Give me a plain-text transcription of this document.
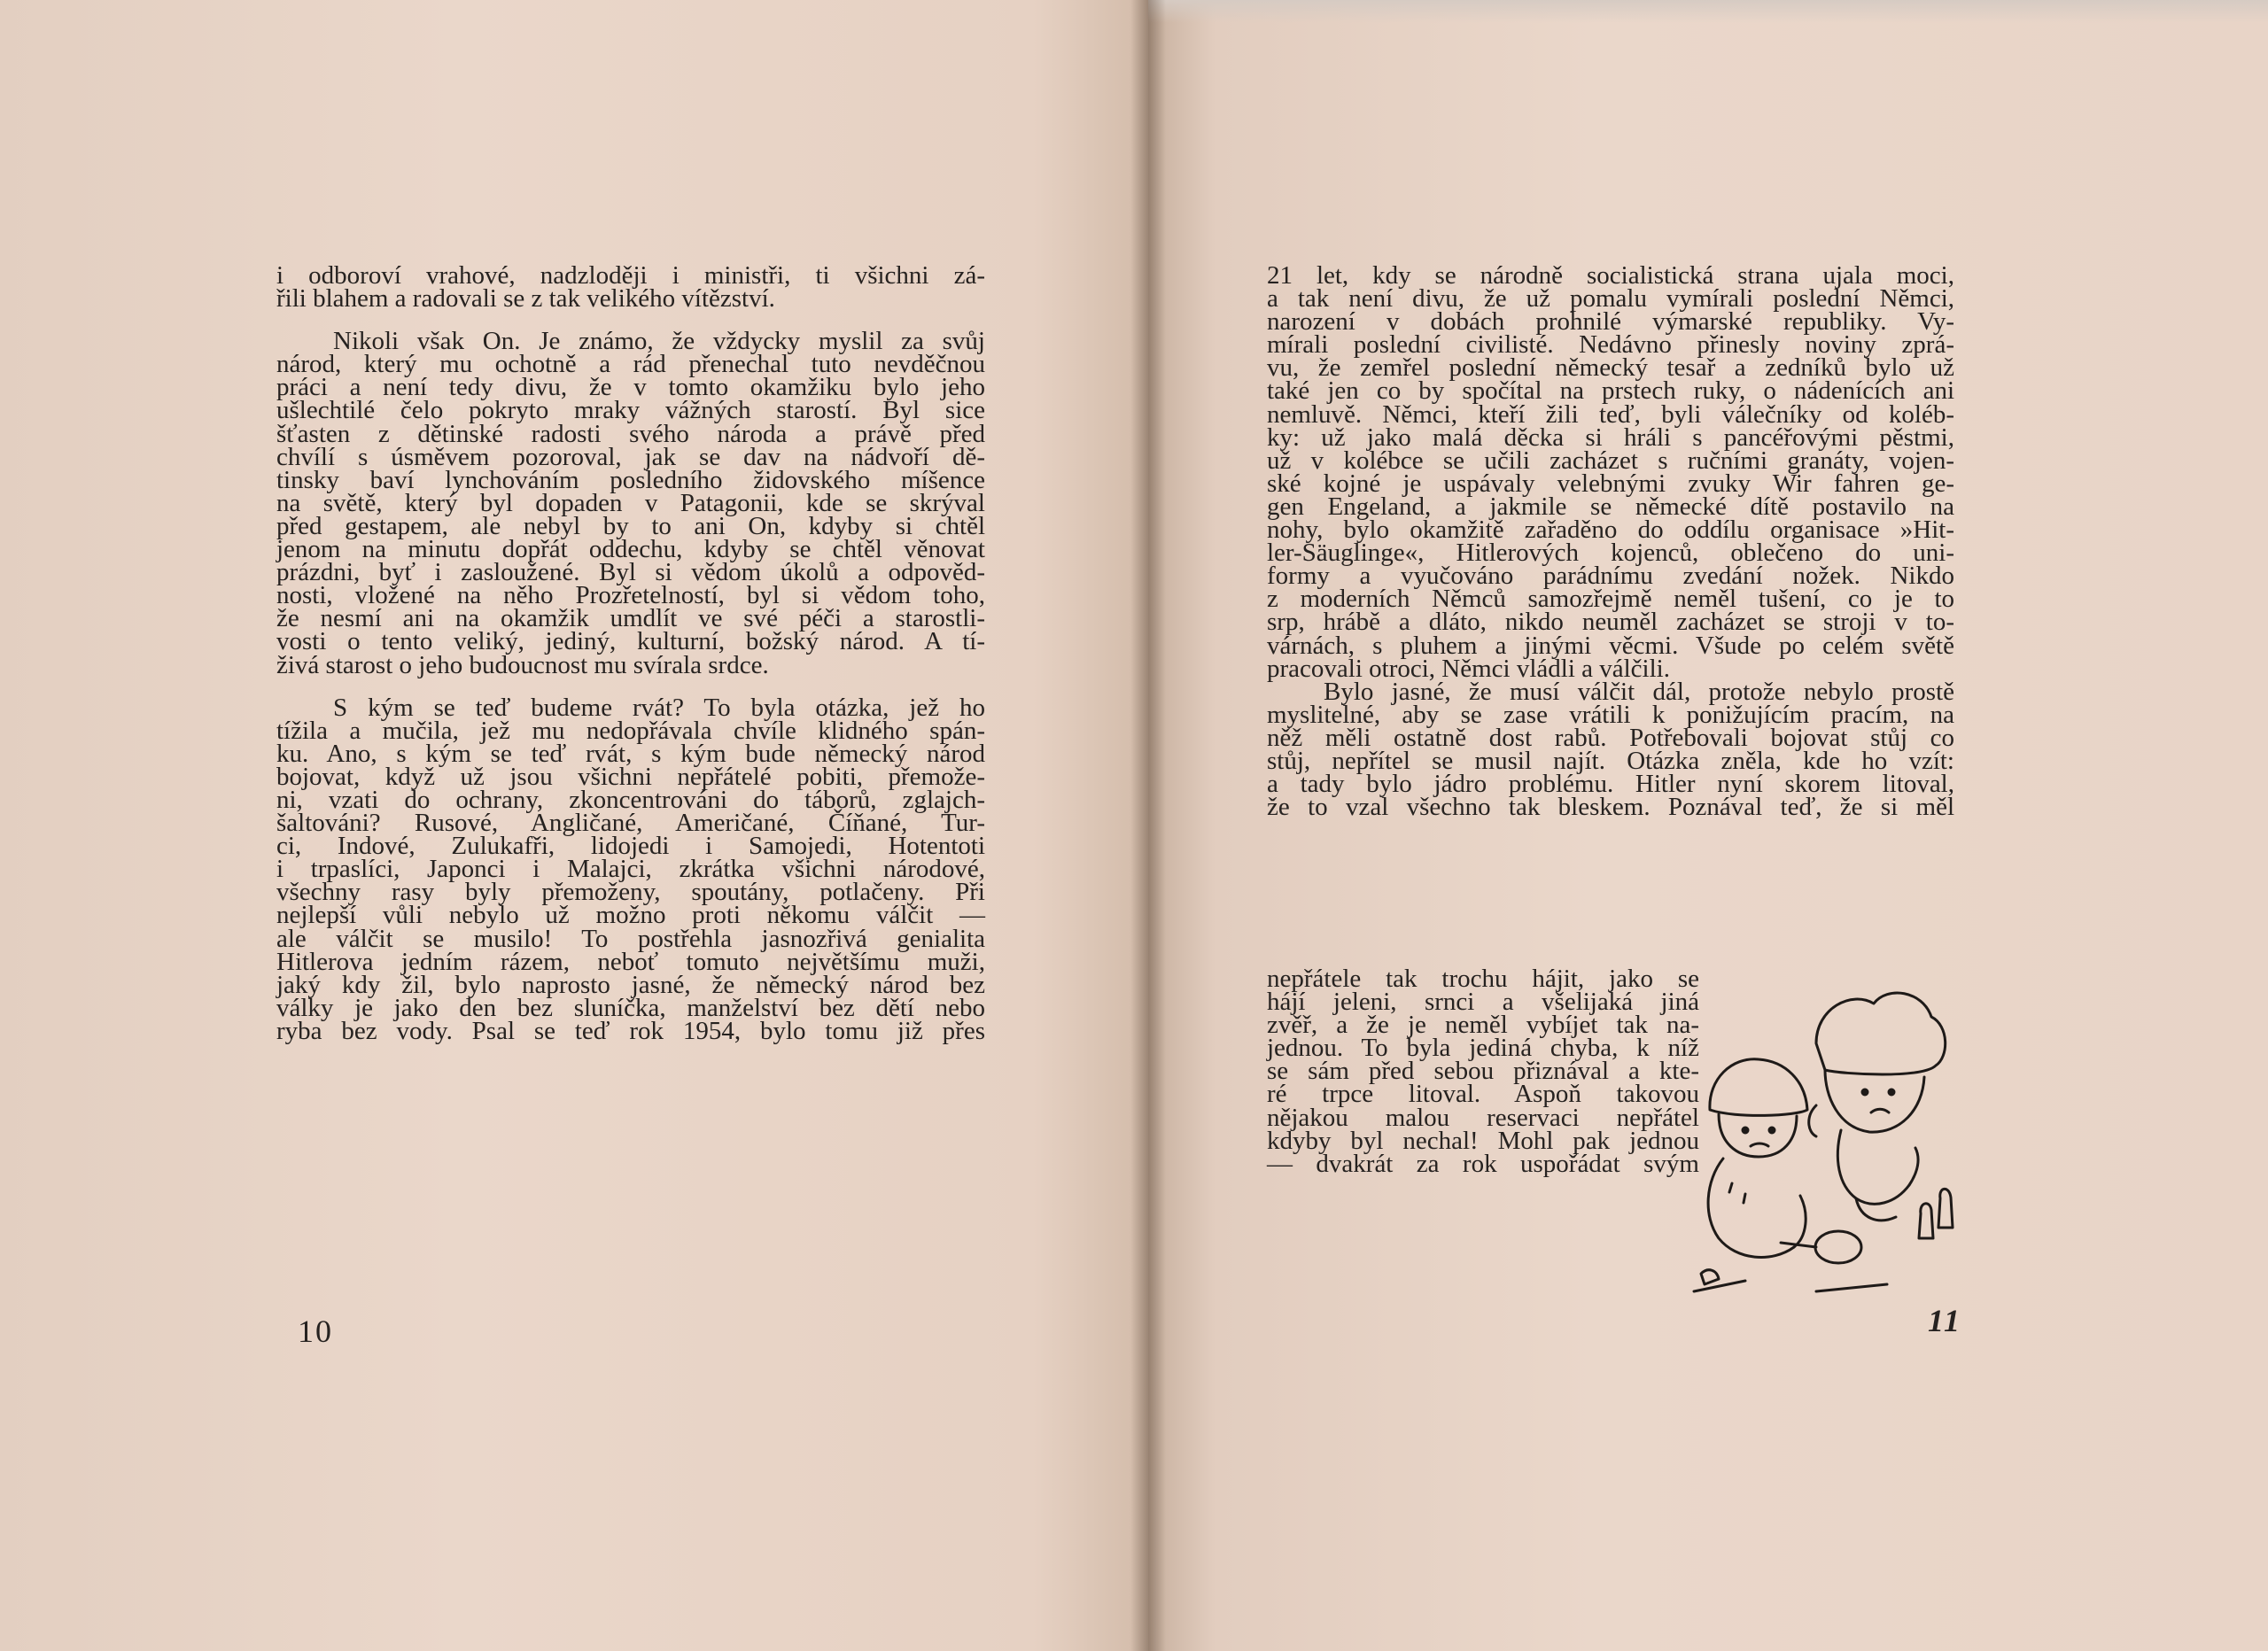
i odboroví vrahové, nadzloději i ministři, ti všichni zá-
řili blahem a radovali se z tak velikého vítězství.
Nikoli však On. Je známo, že vždycky myslil za svůj
národ, který mu ochotně a rád přenechal tuto nevděčnou
práci a není tedy divu, že v tomto okamžiku bylo jeho
ušlechtilé čelo pokryto mraky vážných starostí. Byl sice
šťasten z dětinské radosti svého národa a právě před
chvílí s úsměvem pozoroval, jak se dav na nádvoří dě-
tinsky baví lynchováním posledního židovského míšence
na světě, který byl dopaden v Patagonii, kde se skrýval
před gestapem, ale nebyl by to ani On, kdyby si chtěl
jenom na minutu dopřát oddechu, kdyby se chtěl věnovat
prázdni, byť i zasloužené. Byl si vědom úkolů a odpověd-
nosti, vložené na něho Prozřetelností, byl si vědom toho,
že nesmí ani na okamžik umdlít ve své péči a starostli-
vosti o tento veliký, jediný, kulturní, božský národ. A tí-
živá starost o jeho budoucnost mu svírala srdce.
S kým se teď budeme rvát? To byla otázka, jež ho
tížila a mučila, jež mu nedopřávala chvíle klidného spán-
ku. Ano, s kým se teď rvát, s kým bude německý národ
bojovat, když už jsou všichni nepřátelé pobiti, přemože-
ni, vzati do ochrany, zkoncentrováni do táborů, zglajch-
šaltováni? Rusové, Angličané, Američané, Číňané, Tur-
ci, Indové, Zulukafři, lidojedi i Samojedi, Hotentoti
i trpaslíci, Japonci i Malajci, zkrátka všichni národové,
všechny rasy byly přemoženy, spoutány, potlačeny. Při
nejlepší vůli nebylo už možno proti někomu válčit —
ale válčit se musilo! To postřehla jasnozřivá genialita
Hitlerova jedním rázem, neboť tomuto největšímu muži,
jaký kdy žil, bylo naprosto jasné, že německý národ bez
války je jako den bez sluníčka, manželství bez dětí nebo
ryba bez vody. Psal se teď rok 1954, bylo tomu již přes
10
21 let, kdy se národně socialistická strana ujala moci,
a tak není divu, že už pomalu vymírali poslední Němci,
narození v dobách prohnilé výmarské republiky. Vy-
mírali poslední civilisté. Nedávno přinesly noviny zprá-
vu, že zemřel poslední německý tesař a zedníků bylo už
také jen co by spočítal na prstech ruky, o nádenících ani
nemluvě. Němci, kteří žili teď, byli válečníky od koléb-
ky: už jako malá děcka si hráli s pancéřovými pěstmi,
už v kolébce se učili zacházet s ručními granáty, vojen-
ské kojné je uspávaly velebnými zvuky Wir fahren ge-
gen Engeland, a jakmile se německé dítě postavilo na
nohy, bylo okamžitě zařaděno do oddílu organisace »Hit-
ler-Säuglinge«, Hitlerových kojenců, oblečeno do uni-
formy a vyučováno parádnímu zvedání nožek. Nikdo
z moderních Němců samozřejmě neměl tušení, co je to
srp, hrábě a dláto, nikdo neuměl zacházet se stroji v to-
várnách, s pluhem a jinými věcmi. Všude po celém světě
pracovali otroci, Němci vládli a válčili.
Bylo jasné, že musí válčit dál, protože nebylo prostě
myslitelné, aby se zase vrátili k ponižujícím pracím, na
něž měli ostatně dost rabů. Potřebovali bojovat stůj co
stůj, nepřítel se musil najít. Otázka zněla, kde ho vzít:
a tady bylo jádro problému. Hitler nyní skorem litoval,
že to vzal všechno tak bleskem. Poznával teď, že si měl
nepřátele tak trochu hájit, jako se
hájí jeleni, srnci a všelijaká jiná
zvěř, a že je neměl vybíjet tak na-
jednou. To byla jediná chyba, k níž
se sám před sebou přiznával a kte-
ré trpce litoval. Aspoň takovou
nějakou malou reservaci nepřátel
kdyby byl nechal! Mohl pak jednou
— dvakrát za rok uspořádat svým
11
